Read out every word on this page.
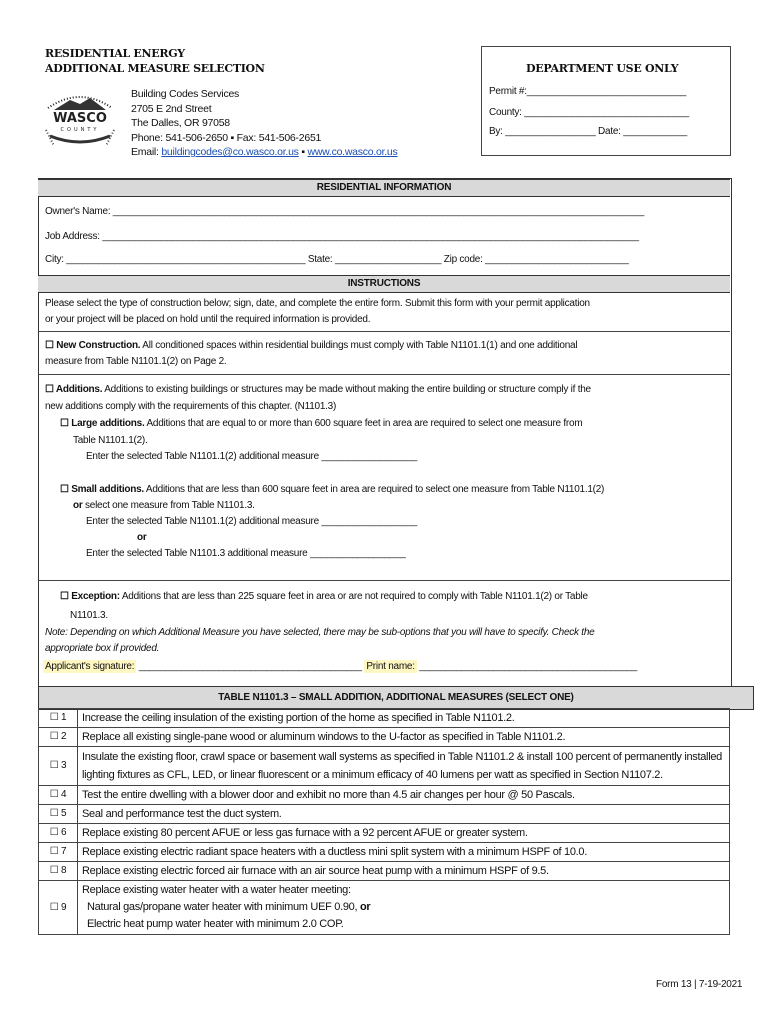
RESIDENTIAL ENERGY
ADDITIONAL MEASURE SELECTION
WASCO
COUNTY
Building Codes Services
2705 E 2nd Street
The Dalles, OR 97058
Phone: 541-506-2650 ▪ Fax: 541-506-2651
Email: buildingcodes@co.wasco.or.us ▪ www.co.wasco.or.us
DEPARTMENT USE ONLY
Permit #:______________________________
County: _______________________________
By: _________________ Date: ____________
RESIDENTIAL INFORMATION
Owner's Name: ____________________________________________________________________________________________________
Job Address: _____________________________________________________________________________________________________
City: _____________________________________________ State: ____________________ Zip code: ___________________________
INSTRUCTIONS
Please select the type of construction below; sign, date, and complete the entire form. Submit this form with your permit application
or your project will be placed on hold until the required information is provided.
☐ New Construction. All conditioned spaces within residential buildings must comply with Table N1101.1(1) and one additional
measure from Table N1101.1(2) on Page 2.
☐ Additions. Additions to existing buildings or structures may be made without making the entire building or structure comply if the
new additions comply with the requirements of this chapter. (N1101.3)
☐ Large additions. Additions that are equal to or more than 600 square feet in area are required to select one measure from
Table N1101.1(2).
Enter the selected Table N1101.1(2) additional measure __________________
☐ Small additions. Additions that are less than 600 square feet in area are required to select one measure from Table N1101.1(2)
or select one measure from Table N1101.3.
Enter the selected Table N1101.1(2) additional measure __________________
or
Enter the selected Table N1101.3 additional measure __________________
☐ Exception: Additions that are less than 225 square feet in area or are not required to comply with Table N1101.1(2) or Table
N1101.3.
Note: Depending on which Additional Measure you have selected, there may be sub-options that you will have to specify. Check the
appropriate box if provided.
Applicant's signature: __________________________________________ Print name: _________________________________________
TABLE N1101.3 – SMALL ADDITION, ADDITIONAL MEASURES (SELECT ONE)
☐ 1	Increase the ceiling insulation of the existing portion of the home as specified in Table N1101.2.
☐ 2	Replace all existing single-pane wood or aluminum windows to the U-factor as specified in Table N1101.2.
☐ 3	Insulate the existing floor, crawl space or basement wall systems as specified in Table N1101.2 & install 100 percent of permanently installed lighting fixtures as CFL, LED, or linear fluorescent or a minimum efficacy of 40 lumens per watt as specified in Section N1107.2.
☐ 4	Test the entire dwelling with a blower door and exhibit no more than 4.5 air changes per hour @ 50 Pascals.
☐ 5	Seal and performance test the duct system.
☐ 6	Replace existing 80 percent AFUE or less gas furnace with a 92 percent AFUE or greater system.
☐ 7	Replace existing electric radiant space heaters with a ductless mini split system with a minimum HSPF of 10.0.
☐ 8	Replace existing electric forced air furnace with an air source heat pump with a minimum HSPF of 9.5.
☐ 9	Replace existing water heater with a water heater meeting:
Natural gas/propane water heater with minimum UEF 0.90, or
Electric heat pump water heater with minimum 2.0 COP.
Form 13 | 7-19-2021
